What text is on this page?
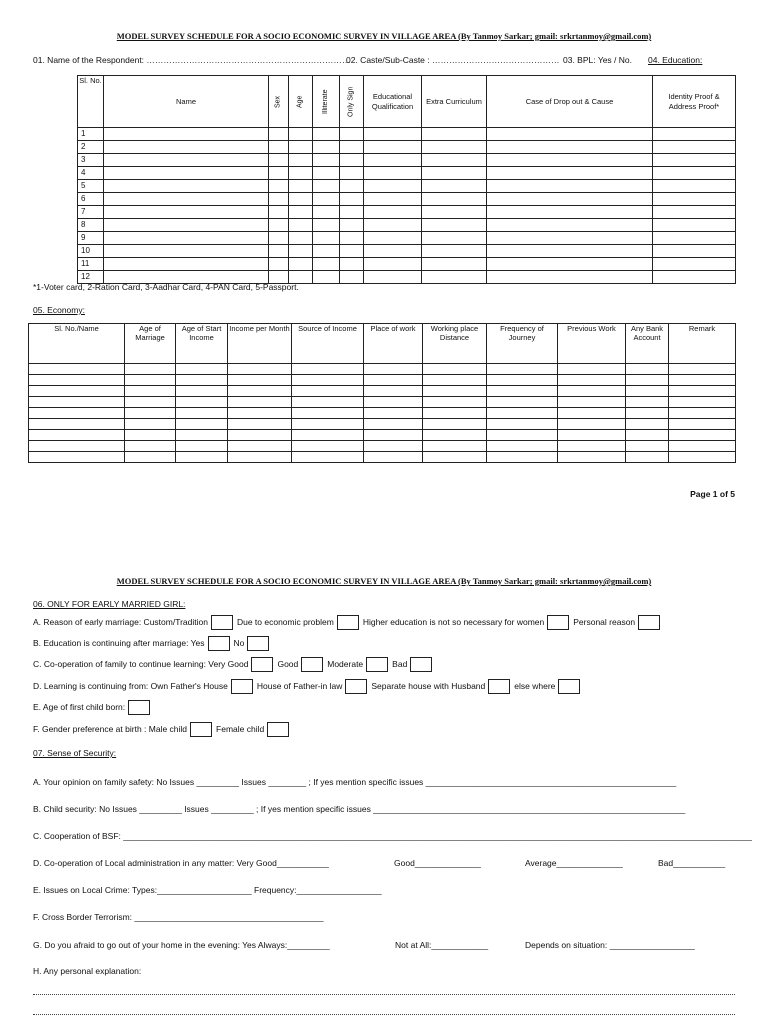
MODEL SURVEY SCHEDULE FOR A SOCIO ECONOMIC SURVEY IN VILLAGE AREA (By Tanmoy Sarkar; gmail: srkrtanmoy@gmail.com)
01. Name of the Respondent: ………………………………………………………………
02. Caste/Sub-Caste : ……………………………………… 03. BPL: Yes / No. 04. Education:
Sl. No.	Name	Sex	Age	Illiterate	Only Sign	Educational Qualification	Extra Curriculum	Case of Drop out & Cause	Identity Proof & Address Proof*
1									
2									
3									
4									
5									
6									
7									
8									
9									
10									
11									
12									
*1-Voter card, 2-Ration Card, 3-Aadhar Card, 4-PAN Card, 5-Passport.
05. Economy:
Sl. No./Name	Age of Marriage	Age of Start Income	Income per Month	Source of Income	Place of work	Working place Distance	Frequency of Journey	Previous Work	Any Bank Account	Remark

Page 1 of 5
MODEL SURVEY SCHEDULE FOR A SOCIO ECONOMIC SURVEY IN VILLAGE AREA (By Tanmoy Sarkar; gmail: srkrtanmoy@gmail.com)
06. ONLY FOR EARLY MARRIED GIRL:
A. Reason of early marriage: Custom/Tradition	Due to economic problem	Higher education is not so necessary for women	Personal reason
B. Education is continuing after marriage: Yes	No
C. Co-operation of family to continue learning: Very Good	Good	Moderate	Bad
D. Learning is continuing from: Own Father's House	House of Father-in law	Separate house with Husband	else where
E. Age of first child born:
F. Gender preference at birth : Male child	Female child
07. Sense of Security:
A. Your opinion on family safety: No Issues _________ Issues ________ ; If yes mention specific issues _____________________________________________________
B. Child security: No Issues _________ Issues _________ ; If yes mention specific issues __________________________________________________________________
C. Cooperation of BSF: _____________________________________________________________________________________________________________________________________
D. Co-operation of Local administration in any matter: Very Good___________	Good______________	Average______________	Bad___________
E. Issues on Local Crime: Types:____________________ Frequency:__________________
F. Cross Border Terrorism: ________________________________________
G. Do you afraid to go out of your home in the evening: Yes Always:_________	Not at All:____________	Depends on situation: __________________
H. Any personal explanation:
